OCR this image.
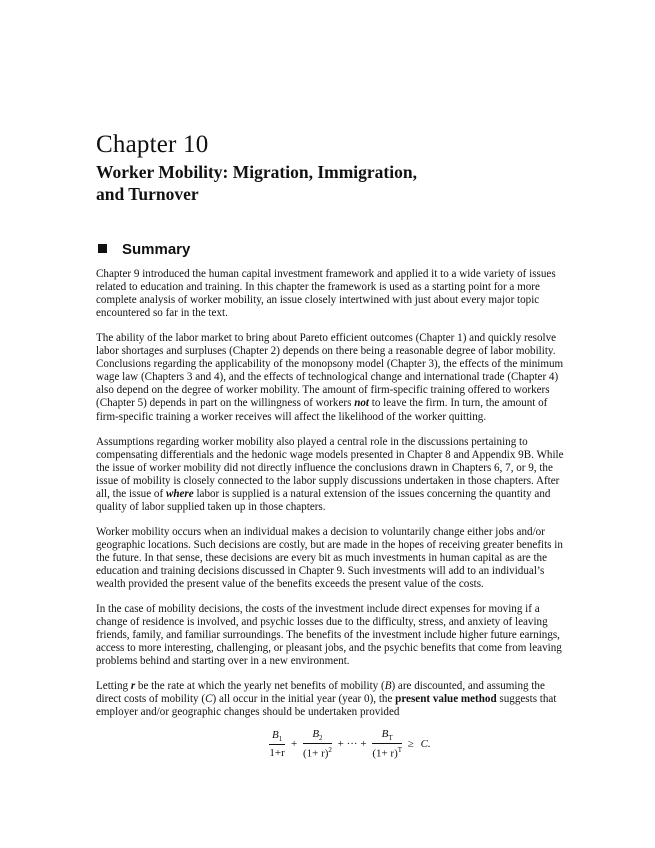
Chapter 10
Worker Mobility: Migration, Immigration,
and Turnover
Summary

Chapter 9 introduced the human capital investment framework and applied it to a wide variety of issues related to education and training. In this chapter the framework is used as a starting point for a more complete analysis of worker mobility, an issue closely intertwined with just about every major topic encountered so far in the text.

The ability of the labor market to bring about Pareto efficient outcomes (Chapter 1) and quickly resolve labor shortages and surpluses (Chapter 2) depends on there being a reasonable degree of labor mobility. Conclusions regarding the applicability of the monopsony model (Chapter 3), the effects of the minimum wage law (Chapters 3 and 4), and the effects of technological change and international trade (Chapter 4) also depend on the degree of worker mobility. The amount of firm-specific training offered to workers (Chapter 5) depends in part on the willingness of workers not to leave the firm. In turn, the amount of firm-specific training a worker receives will affect the likelihood of the worker quitting.

Assumptions regarding worker mobility also played a central role in the discussions pertaining to compensating differentials and the hedonic wage models presented in Chapter 8 and Appendix 9B. While the issue of worker mobility did not directly influence the conclusions drawn in Chapters 6, 7, or 9, the issue of mobility is closely connected to the labor supply discussions undertaken in those chapters. After all, the issue of where labor is supplied is a natural extension of the issues concerning the quantity and quality of labor supplied taken up in those chapters.

Worker mobility occurs when an individual makes a decision to voluntarily change either jobs and/or geographic locations. Such decisions are costly, but are made in the hopes of receiving greater benefits in the future. In that sense, these decisions are every bit as much investments in human capital as are the education and training decisions discussed in Chapter 9. Such investments will add to an individual’s wealth provided the present value of the benefits exceeds the present value of the costs.

In the case of mobility decisions, the costs of the investment include direct expenses for moving if a change of residence is involved, and psychic losses due to the difficulty, stress, and anxiety of leaving friends, family, and familiar surroundings. The benefits of the investment include higher future earnings, access to more interesting, challenging, or pleasant jobs, and the psychic benefits that come from leaving problems behind and starting over in a new environment.

Letting r be the rate at which the yearly net benefits of mobility (B) are discounted, and assuming the direct costs of mobility (C) all occur in the initial year (year 0), the present value method suggests that employer and/or geographic changes should be undertaken provided

$\frac{B_1}{1+r} + \frac{B_2}{(1+ r)^2}$ + ··· + $\frac{B_T}{(1+ r)^T} \ge C$.
